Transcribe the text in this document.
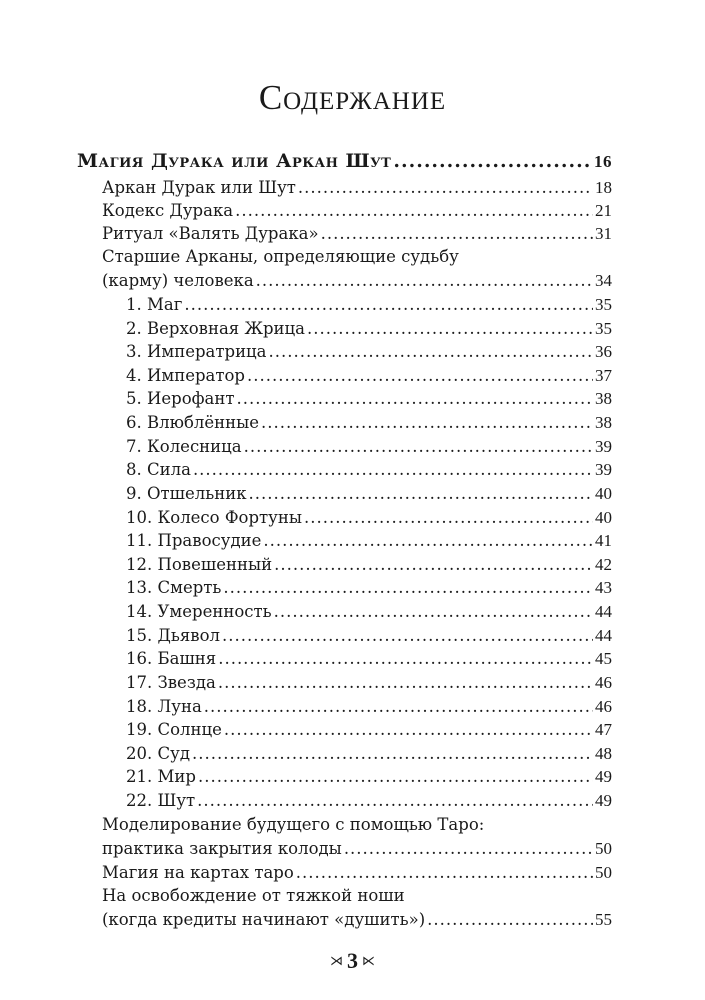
Содержание
Магия Дурака или Аркан Шут .....	16
Аркан Дурак или Шут .....	18
Кодекс Дурака .....	21
Ритуал «Валять Дурака» .....	31
Старшие Арканы, определяющие судьбу
(карму) человека .....	34
1. Маг .....	35
2. Верховная Жрица .....	35
3. Императрица .....	36
4. Император .....	37
5. Иерофант .....	38
6. Влюблённые .....	38
7. Колесница .....	39
8. Сила .....	39
9. Отшельник .....	40
10. Колесо Фортуны .....	40
11. Правосудие .....	41
12. Повешенный .....	42
13. Смерть .....	43
14. Умеренность .....	44
15. Дьявол .....	44
16. Башня .....	45
17. Звезда .....	46
18. Луна .....	46
19. Солнце .....	47
20. Суд .....	48
21. Мир .....	49
22. Шут .....	49
Моделирование будущего с помощью Таро:
практика закрытия колоды .....	50
Магия на картах таро .....	50
На освобождение от тяжкой ноши
(когда кредиты начинают «душить») .....	55
⋊ 3 ⋉
